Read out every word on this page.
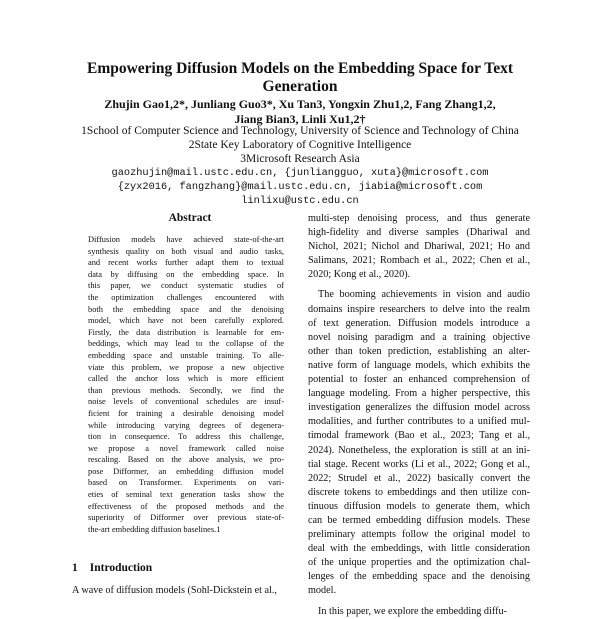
Empowering Diffusion Models on the Embedding Space for Text Generation
Zhujin Gao1,2*, Junliang Guo3*, Xu Tan3, Yongxin Zhu1,2, Fang Zhang1,2,
Jiang Bian3, Linli Xu1,2†
1School of Computer Science and Technology, University of Science and Technology of China
2State Key Laboratory of Cognitive Intelligence
3Microsoft Research Asia
gaozhujin@mail.ustc.edu.cn, {junliangguo, xuta}@microsoft.com
{zyx2016, fangzhang}@mail.ustc.edu.cn, jiabia@microsoft.com
linlixu@ustc.edu.cn
Abstract
Diffusion models have achieved state-of-the-art
synthesis quality on both visual and audio tasks,
and recent works further adapt them to textual
data by diffusing on the embedding space. In
this paper, we conduct systematic studies of
the optimization challenges encountered with
both the embedding space and the denoising
model, which have not been carefully explored.
Firstly, the data distribution is learnable for em-
beddings, which may lead to the collapse of the
embedding space and unstable training. To alle-
viate this problem, we propose a new objective
called the anchor loss which is more efficient
than previous methods. Secondly, we find the
noise levels of conventional schedules are insuf-
ficient for training a desirable denoising model
while introducing varying degrees of degenera-
tion in consequence. To address this challenge,
we propose a novel framework called noise
rescaling. Based on the above analysis, we pro-
pose Difformer, an embedding diffusion model
based on Transformer. Experiments on vari-
eties of seminal text generation tasks show the
effectiveness of the proposed methods and the
superiority of Difformer over previous state-of-
the-art embedding diffusion baselines.1
1 Introduction
A wave of diffusion models (Sohl-Dickstein et al.,
multi-step denoising process, and thus generate
high-fidelity and diverse samples (Dhariwal and
Nichol, 2021; Nichol and Dhariwal, 2021; Ho and
Salimans, 2021; Rombach et al., 2022; Chen et al.,
2020; Kong et al., 2020).
The booming achievements in vision and audio
domains inspire researchers to delve into the realm
of text generation. Diffusion models introduce a
novel noising paradigm and a training objective
other than token prediction, establishing an alter-
native form of language models, which exhibits the
potential to foster an enhanced comprehension of
language modeling. From a higher perspective, this
investigation generalizes the diffusion model across
modalities, and further contributes to a unified mul-
timodal framework (Bao et al., 2023; Tang et al.,
2024). Nonetheless, the exploration is still at an ini-
tial stage. Recent works (Li et al., 2022; Gong et al.,
2022; Strudel et al., 2022) basically convert the
discrete tokens to embeddings and then utilize con-
tinuous diffusion models to generate them, which
can be termed embedding diffusion models. These
preliminary attempts follow the original model to
deal with the embeddings, with little consideration
of the unique properties and the optimization chal-
lenges of the embedding space and the denoising
model.
In this paper, we explore the embedding diffu-
